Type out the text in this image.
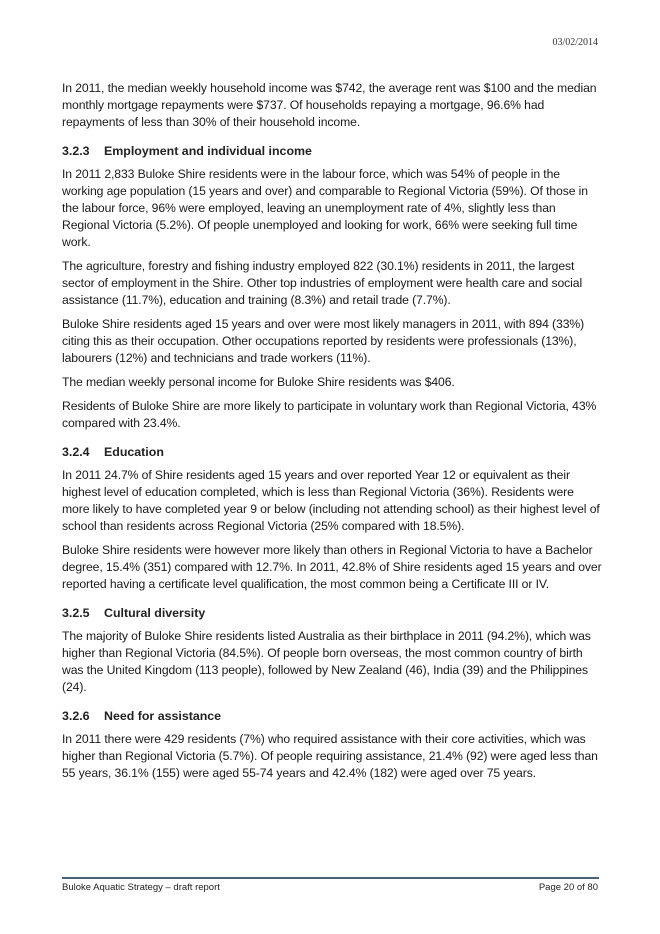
03/02/2014

In 2011, the median weekly household income was $742, the average rent was $100 and the median monthly mortgage repayments were $737. Of households repaying a mortgage, 96.6% had repayments of less than 30% of their household income.

3.2.3 Employment and individual income

In 2011 2,833 Buloke Shire residents were in the labour force, which was 54% of people in the working age population (15 years and over) and comparable to Regional Victoria (59%). Of those in the labour force, 96% were employed, leaving an unemployment rate of 4%, slightly less than Regional Victoria (5.2%). Of people unemployed and looking for work, 66% were seeking full time work.

The agriculture, forestry and fishing industry employed 822 (30.1%) residents in 2011, the largest sector of employment in the Shire. Other top industries of employment were health care and social assistance (11.7%), education and training (8.3%) and retail trade (7.7%).

Buloke Shire residents aged 15 years and over were most likely managers in 2011, with 894 (33%) citing this as their occupation. Other occupations reported by residents were professionals (13%), labourers (12%) and technicians and trade workers (11%).

The median weekly personal income for Buloke Shire residents was $406.

Residents of Buloke Shire are more likely to participate in voluntary work than Regional Victoria, 43% compared with 23.4%.

3.2.4 Education

In 2011 24.7% of Shire residents aged 15 years and over reported Year 12 or equivalent as their highest level of education completed, which is less than Regional Victoria (36%). Residents were more likely to have completed year 9 or below (including not attending school) as their highest level of school than residents across Regional Victoria (25% compared with 18.5%).

Buloke Shire residents were however more likely than others in Regional Victoria to have a Bachelor degree, 15.4% (351) compared with 12.7%. In 2011, 42.8% of Shire residents aged 15 years and over reported having a certificate level qualification, the most common being a Certificate III or IV.

3.2.5 Cultural diversity

The majority of Buloke Shire residents listed Australia as their birthplace in 2011 (94.2%), which was higher than Regional Victoria (84.5%). Of people born overseas, the most common country of birth was the United Kingdom (113 people), followed by New Zealand (46), India (39) and the Philippines (24).

3.2.6 Need for assistance

In 2011 there were 429 residents (7%) who required assistance with their core activities, which was higher than Regional Victoria (5.7%). Of people requiring assistance, 21.4% (92) were aged less than 55 years, 36.1% (155) were aged 55-74 years and 42.4% (182) were aged over 75 years.

Buloke Aquatic Strategy – draft report	Page 20 of 80
